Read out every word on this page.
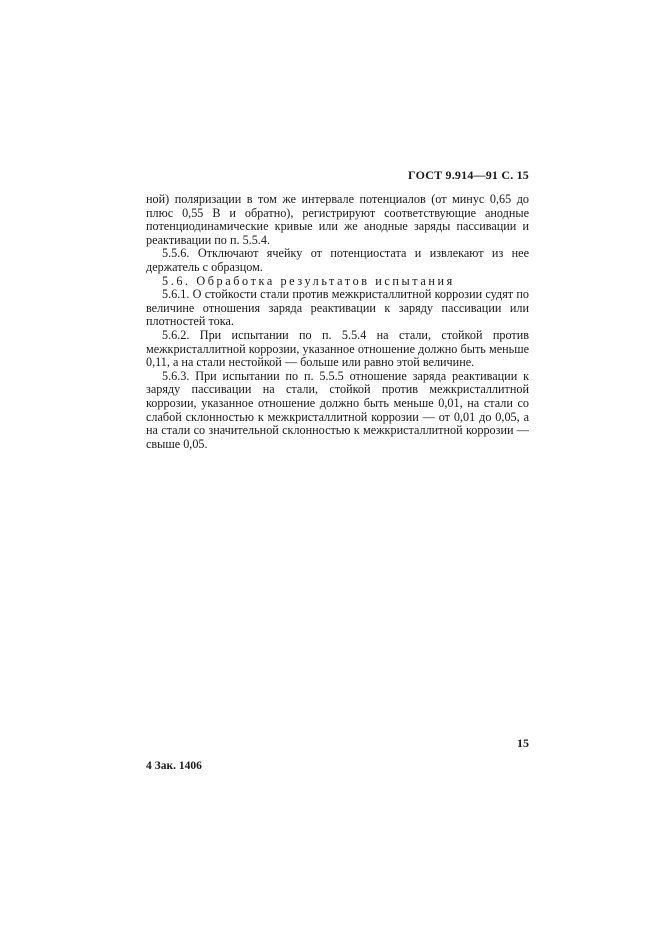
ГОСТ 9.914—91 С. 15

ной) поляризации в том же интервале потенциалов (от минус 0,65 до плюс 0,55 В и обратно), регистрируют соответствующие анодные потенциодинамические кривые или же анодные заряды пассивации и реактивации по п. 5.5.4.

5.5.6. Отключают ячейку от потенциостата и извлекают из нее держатель с образцом.

5.6. Обработка результатов испытания

5.6.1. О стойкости стали против межкристаллитной коррозии судят по величине отношения заряда реактивации к заряду пассивации или плотностей тока.

5.6.2. При испытании по п. 5.5.4 на стали, стойкой против межкристаллитной коррозии, указанное отношение должно быть меньше 0,11, а на стали нестойкой — больше или равно этой величине.

5.6.3. При испытании по п. 5.5.5 отношение заряда реактивации к заряду пассивации на стали, стойкой против межкристаллитной коррозии, указанное отношение должно быть меньше 0,01, на стали со слабой склонностью к межкристаллитной коррозии — от 0,01 до 0,05, а на стали со значительной склонностью к межкристаллитной коррозии — свыше 0,05.

15
4 Зак. 1406
